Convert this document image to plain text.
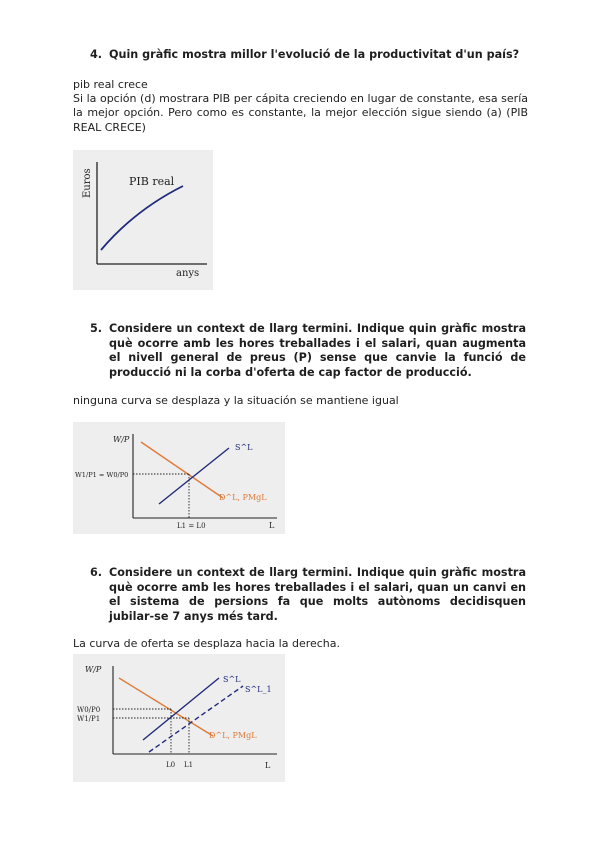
4. Quin gràfic mostra millor l'evolució de la productivitat d'un país?
pib real crece
Si la opción (d) mostrara PIB per cápita creciendo en lugar de constante, esa sería la mejor opción. Pero como es constante, la mejor elección sigue siendo (a) (PIB REAL CRECE)
PIB real
Euros
anys
5. Considere un context de llarg termini. Indique quin gràfic mostra què ocorre amb les hores treballades i el salari, quan augmenta el nivell general de preus (P) sense que canvie la funció de producció ni la corba d'oferta de cap factor de producció.
ninguna curva se desplaza y la situación se mantiene igual
W/P
L
S^L
D^L, PMgL
W1/P1 = W0/P0
L1 = L0
6. Considere un context de llarg termini. Indique quin gràfic mostra què ocorre amb les hores treballades i el salari, quan un canvi en el sistema de persions fa que molts autònoms decidisquen jubilar-se 7 anys més tard.
La curva de oferta se desplaza hacia la derecha.
W/P
L
S^L
S^L_1
D^L, PMgL
W0/P0
W1/P1
L0 L1
